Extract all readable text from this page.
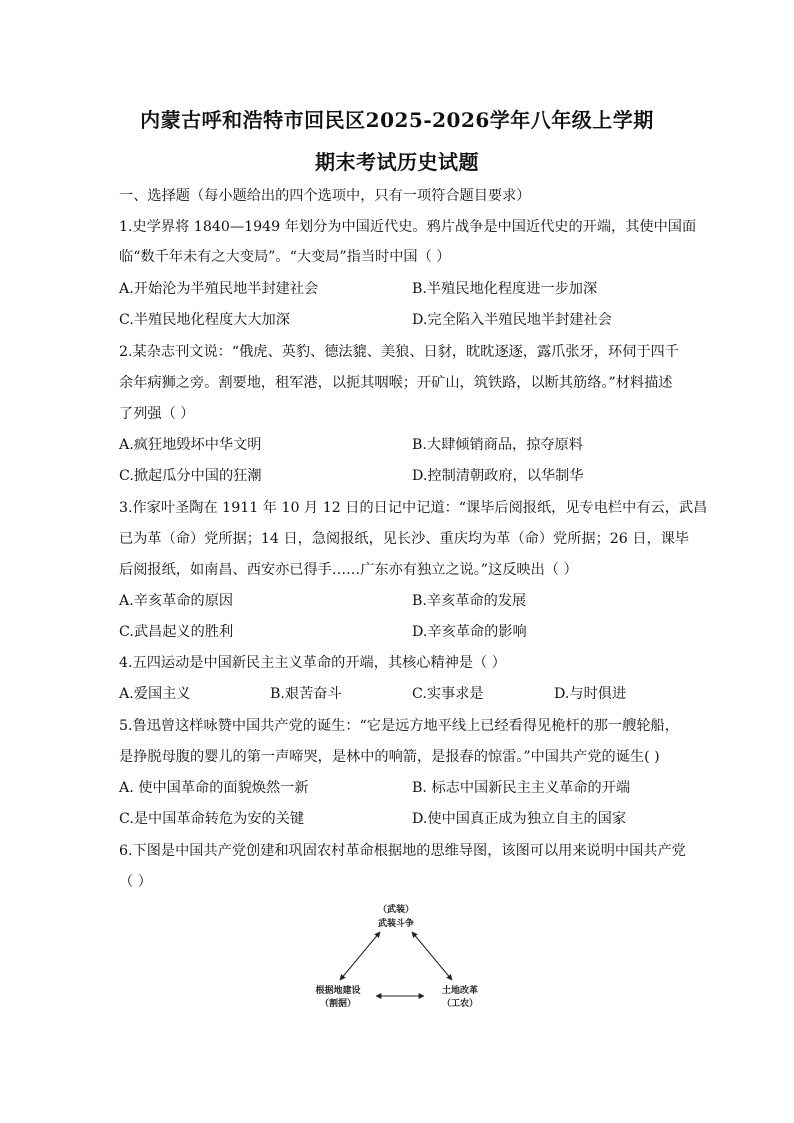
内蒙古呼和浩特市回民区2025-2026学年八年级上学期
期末考试历史试题
一、选择题（每小题给出的四个选项中，只有一项符合题目要求）
1.史学界将 1840—1949 年划分为中国近代史。鸦片战争是中国近代史的开端，其使中国面
临“数千年未有之大变局”。“大变局”指当时中国（ ）
A.开始沦为半殖民地半封建社会	B.半殖民地化程度进一步加深
C.半殖民地化程度大大加深	D.完全陷入半殖民地半封建社会
2.某杂志刊文说：“俄虎、英豹、德法貔、美狼、日豺，眈眈逐逐，露爪张牙，环伺于四千
余年病狮之旁。割要地，租军港，以扼其咽喉；开矿山，筑铁路，以断其筋络。”材料描述
了列强（ ）
A.疯狂地毁坏中华文明	B.大肆倾销商品，掠夺原料
C.掀起瓜分中国的狂潮	D.控制清朝政府，以华制华
3.作家叶圣陶在 1911 年 10 月 12 日的日记中记道：“课毕后阅报纸，见专电栏中有云，武昌
已为革（命）党所据；14 日，急阅报纸，见长沙、重庆均为革（命）党所据；26 日，课毕
后阅报纸，如南昌、西安亦已得手……广东亦有独立之说。”这反映出（ ）
A.辛亥革命的原因	B.辛亥革命的发展
C.武昌起义的胜利	D.辛亥革命的影响
4.五四运动是中国新民主主义革命的开端，其核心精神是（ ）
A.爱国主义	B.艰苦奋斗	C.实事求是	D.与时俱进
5.鲁迅曾这样咏赞中国共产党的诞生：“它是远方地平线上已经看得见桅杆的那一艘轮船，
是挣脱母腹的婴儿的第一声啼哭，是林中的响箭，是报春的惊雷。”中国共产党的诞生( )
A. 使中国革命的面貌焕然一新	B. 标志中国新民主主义革命的开端
C.是中国革命转危为安的关键	D.使中国真正成为独立自主的国家
6.下图是中国共产党创建和巩固农村革命根据地的思维导图，该图可以用来说明中国共产党
（ ）
（武装）
武装斗争
根据地建设
（割据）
土地改革
（工农）
